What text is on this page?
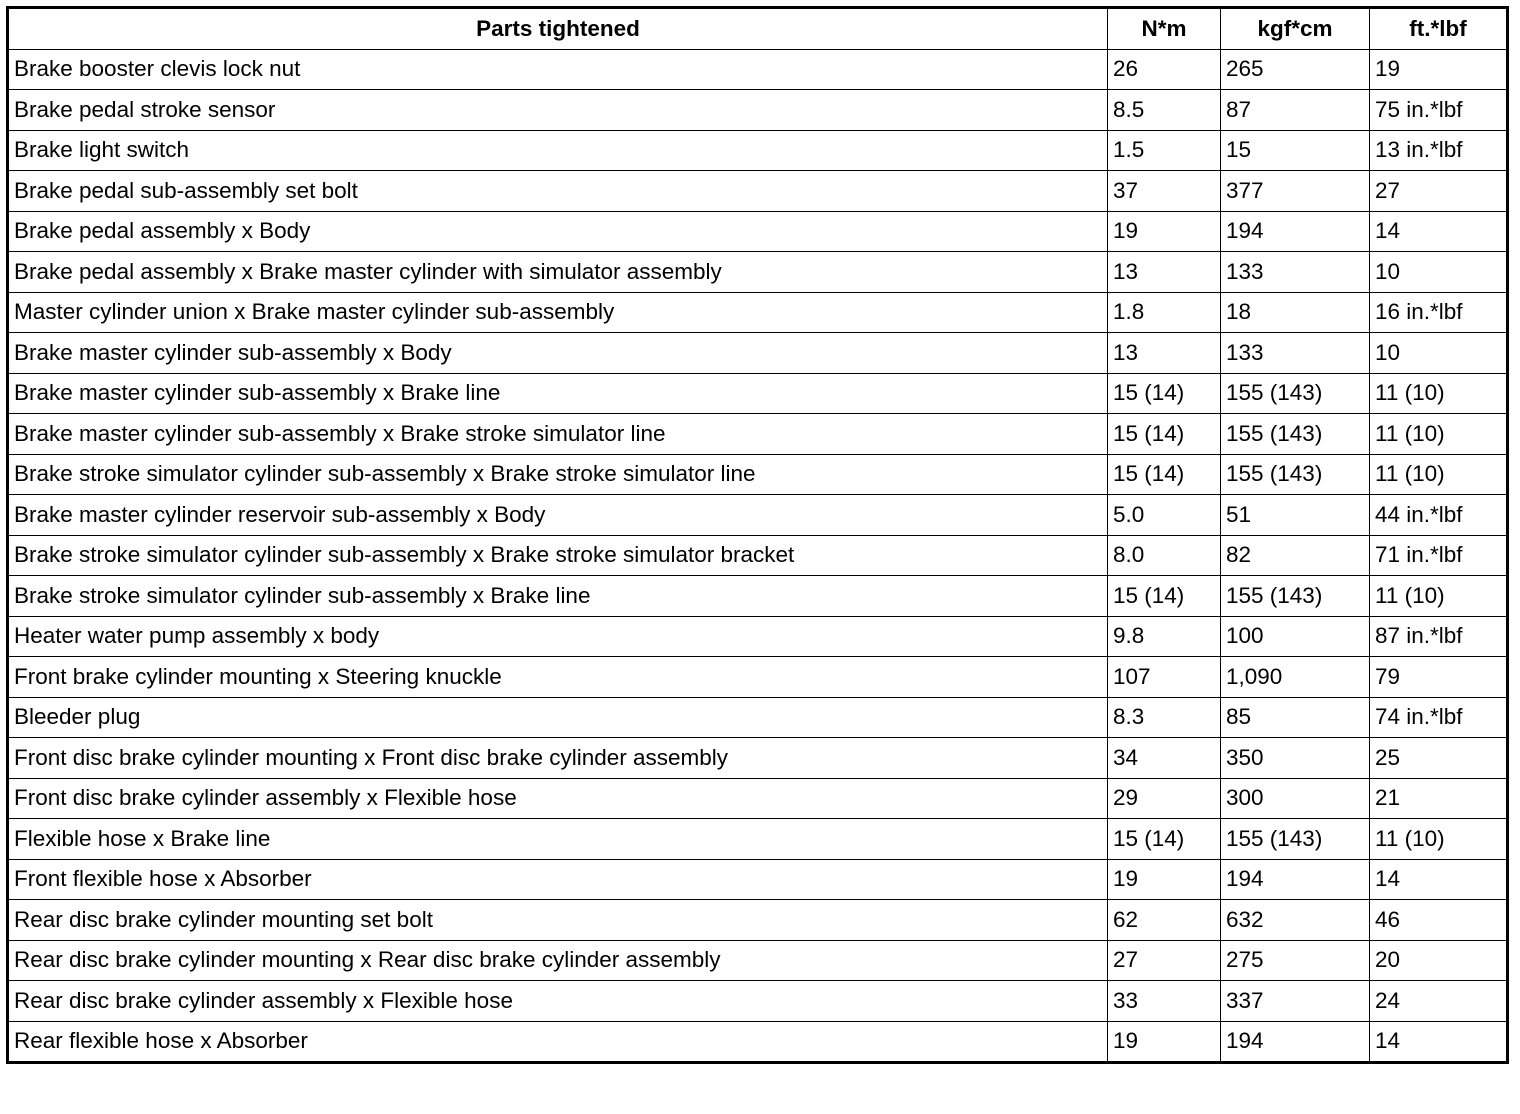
Parts tightened	N*m	kgf*cm	ft.*lbf
Brake booster clevis lock nut	26	265	19
Brake pedal stroke sensor	8.5	87	75 in.*lbf
Brake light switch	1.5	15	13 in.*lbf
Brake pedal sub-assembly set bolt	37	377	27
Brake pedal assembly x Body	19	194	14
Brake pedal assembly x Brake master cylinder with simulator assembly	13	133	10
Master cylinder union x Brake master cylinder sub-assembly	1.8	18	16 in.*lbf
Brake master cylinder sub-assembly x Body	13	133	10
Brake master cylinder sub-assembly x Brake line	15 (14)	155 (143)	11 (10)
Brake master cylinder sub-assembly x Brake stroke simulator line	15 (14)	155 (143)	11 (10)
Brake stroke simulator cylinder sub-assembly x Brake stroke simulator line	15 (14)	155 (143)	11 (10)
Brake master cylinder reservoir sub-assembly x Body	5.0	51	44 in.*lbf
Brake stroke simulator cylinder sub-assembly x Brake stroke simulator bracket	8.0	82	71 in.*lbf
Brake stroke simulator cylinder sub-assembly x Brake line	15 (14)	155 (143)	11 (10)
Heater water pump assembly x body	9.8	100	87 in.*lbf
Front brake cylinder mounting x Steering knuckle	107	1,090	79
Bleeder plug	8.3	85	74 in.*lbf
Front disc brake cylinder mounting x Front disc brake cylinder assembly	34	350	25
Front disc brake cylinder assembly x Flexible hose	29	300	21
Flexible hose x Brake line	15 (14)	155 (143)	11 (10)
Front flexible hose x Absorber	19	194	14
Rear disc brake cylinder mounting set bolt	62	632	46
Rear disc brake cylinder mounting x Rear disc brake cylinder assembly	27	275	20
Rear disc brake cylinder assembly x Flexible hose	33	337	24
Rear flexible hose x Absorber	19	194	14
